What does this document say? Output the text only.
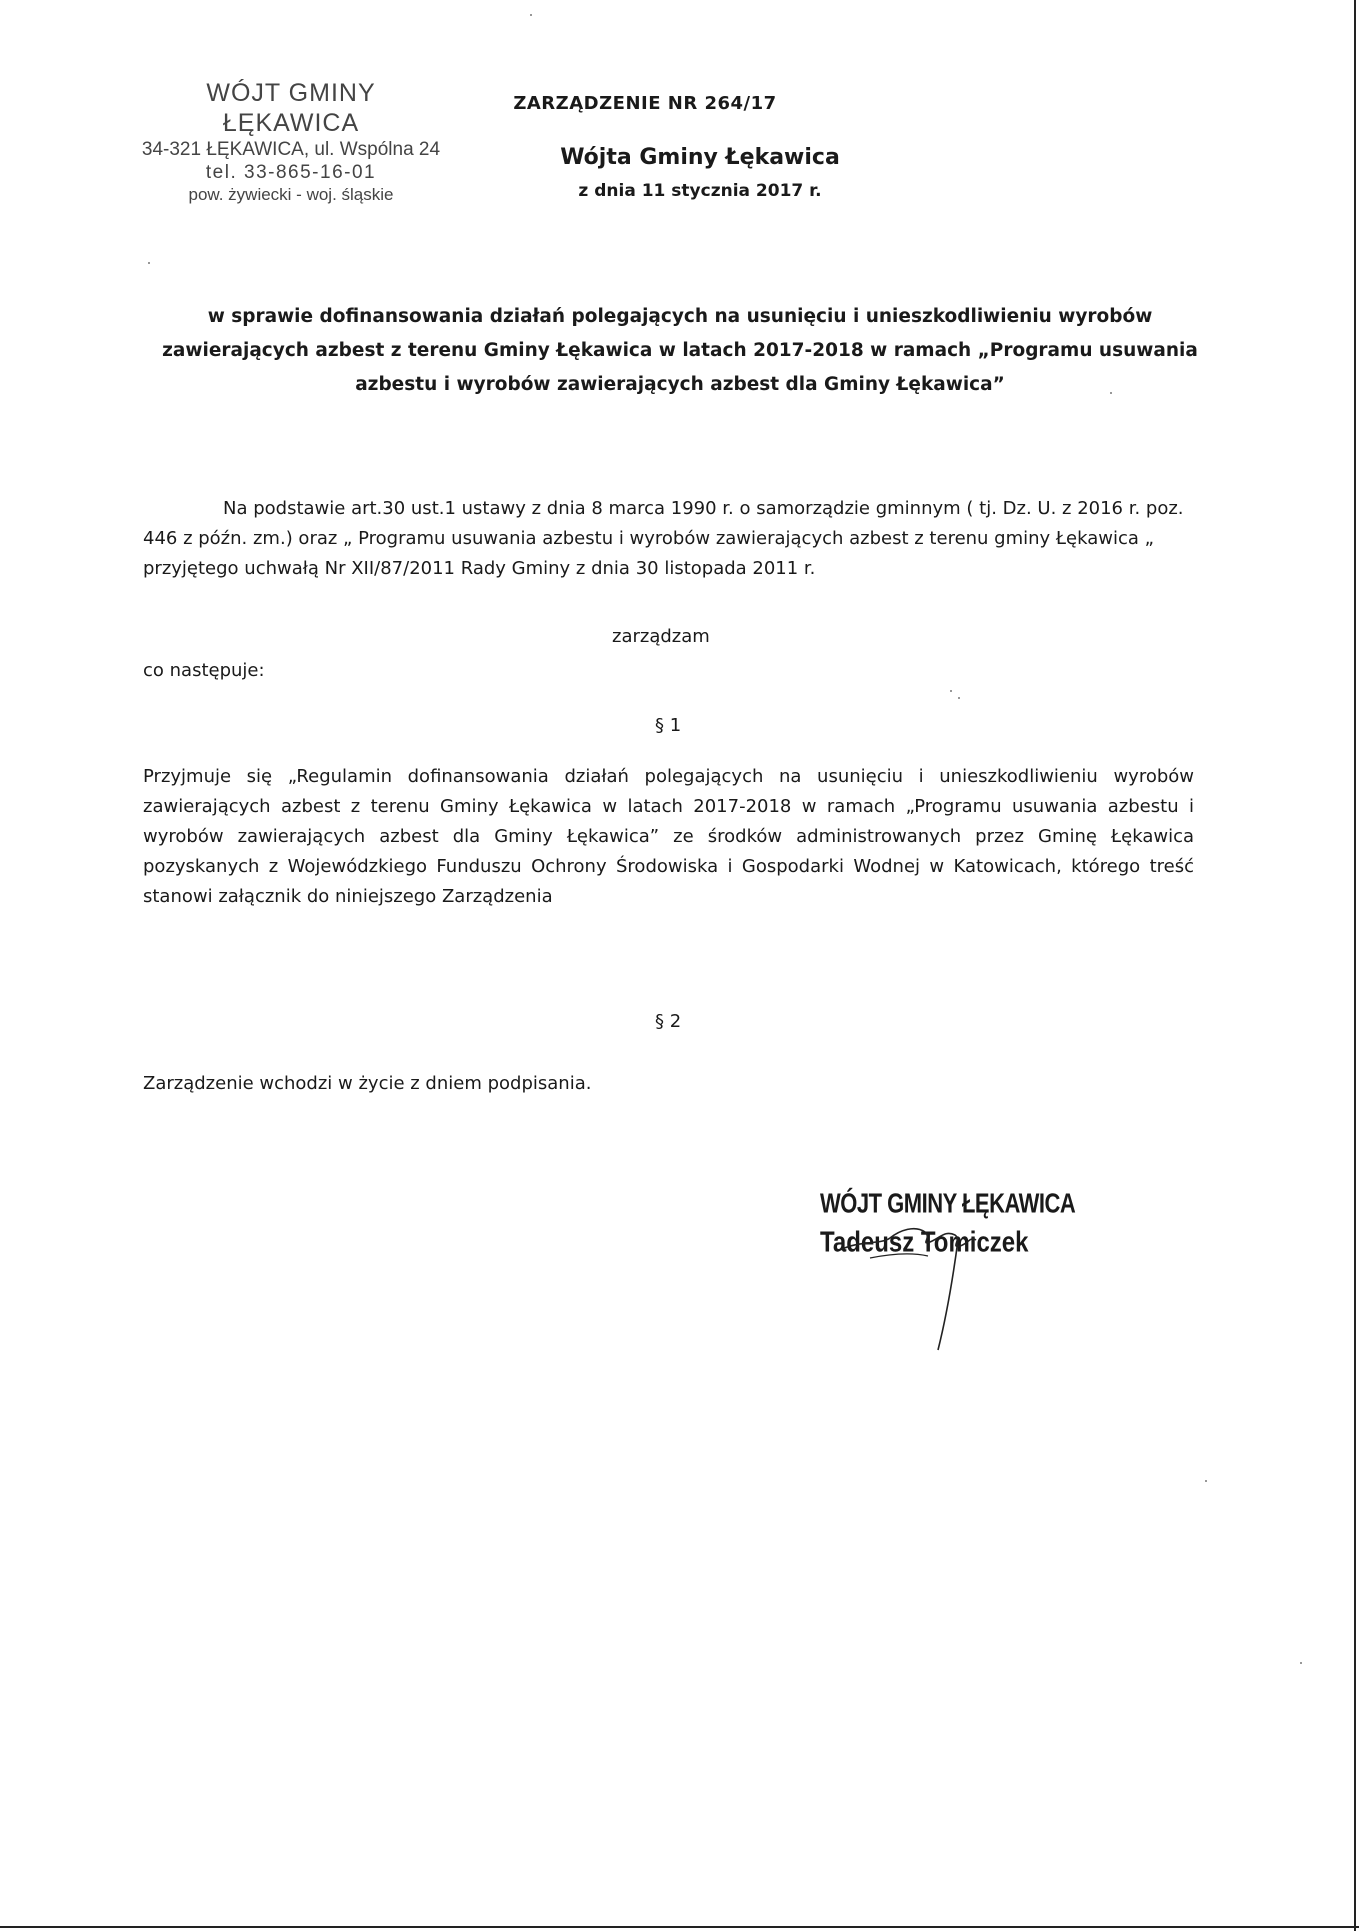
WÓJT GMINY ŁĘKAWICA
34-321 ŁĘKAWICA, ul. Wspólna 24
tel. 33-865-16-01
pow. żywiecki - woj. śląskie
ZARZĄDZENIE NR 264/17
Wójta Gminy Łękawica
z dnia 11 stycznia 2017 r.
w sprawie dofinansowania działań polegających na usunięciu i unieszkodliwieniu wyrobów
zawierających azbest z terenu Gminy Łękawica w latach 2017-2018 w ramach „Programu usuwania
azbestu i wyrobów zawierających azbest dla Gminy Łękawica”
Na podstawie art.30 ust.1 ustawy z dnia 8 marca 1990 r. o samorządzie gminnym ( tj. Dz. U. z 2016 r. poz. 446 z późn. zm.) oraz „ Programu usuwania azbestu i wyrobów zawierających azbest z terenu gminy Łękawica „ przyjętego uchwałą Nr XII/87/2011 Rady Gminy z dnia 30 listopada 2011 r.
zarządzam
co następuje:
§ 1
Przyjmuje się „Regulamin dofinansowania działań polegających na usunięciu i unieszkodliwieniu wyrobów zawierających azbest z terenu Gminy Łękawica w latach 2017-2018 w ramach „Programu usuwania azbestu i wyrobów zawierających azbest dla Gminy Łękawica” ze środków administrowanych przez Gminę Łękawica pozyskanych z Wojewódzkiego Funduszu Ochrony Środowiska i Gospodarki Wodnej w Katowicach, którego treść stanowi załącznik do niniejszego Zarządzenia
§ 2
Zarządzenie wchodzi w życie z dniem podpisania.
WÓJT GMINY ŁĘKAWICA
Tadeusz Tomiczek
